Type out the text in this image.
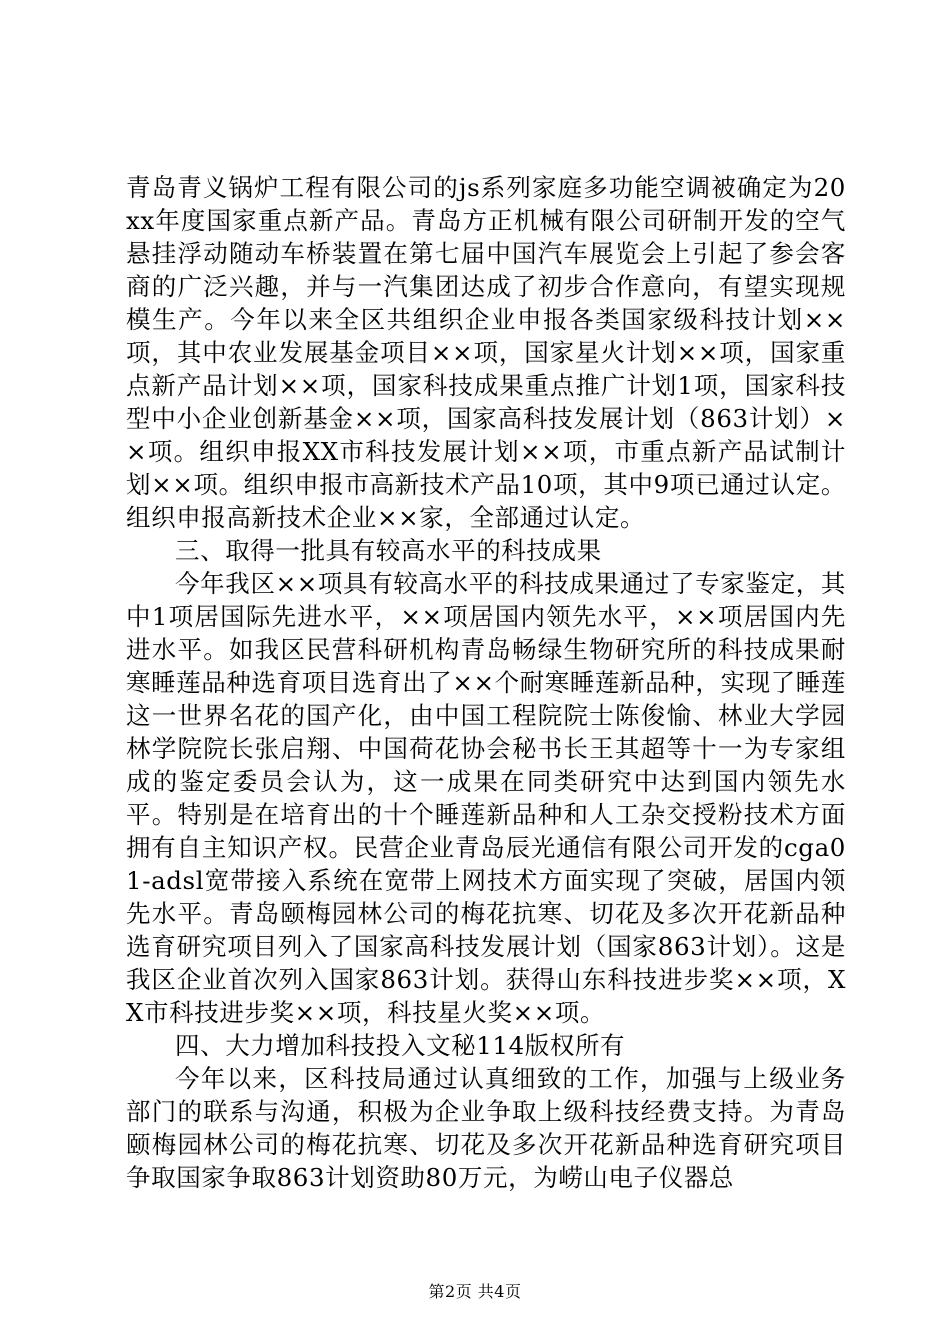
青岛青义锅炉工程有限公司的js系列家庭多功能空调被确定为20xx年度国家重点新产品。青岛方正机械有限公司研制开发的空气悬挂浮动随动车桥装置在第七届中国汽车展览会上引起了参会客商的广泛兴趣，并与一汽集团达成了初步合作意向，有望实现规模生产。今年以来全区共组织企业申报各类国家级科技计划××项，其中农业发展基金项目××项，国家星火计划××项，国家重点新产品计划××项，国家科技成果重点推广计划1项，国家科技型中小企业创新基金××项，国家高科技发展计划（863计划）××项。组织申报XX市科技发展计划××项，市重点新产品试制计划××项。组织申报市高新技术产品10项，其中9项已通过认定。组织申报高新技术企业××家，全部通过认定。

三、取得一批具有较高水平的科技成果

今年我区××项具有较高水平的科技成果通过了专家鉴定，其中1项居国际先进水平，××项居国内领先水平，××项居国内先进水平。如我区民营科研机构青岛畅绿生物研究所的科技成果耐寒睡莲品种选育项目选育出了××个耐寒睡莲新品种，实现了睡莲这一世界名花的国产化，由中国工程院院士陈俊愉、林业大学园林学院院长张启翔、中国荷花协会秘书长王其超等十一为专家组成的鉴定委员会认为，这一成果在同类研究中达到国内领先水平。特别是在培育出的十个睡莲新品种和人工杂交授粉技术方面拥有自主知识产权。民营企业青岛辰光通信有限公司开发的cga01-adsl宽带接入系统在宽带上网技术方面实现了突破，居国内领先水平。青岛颐梅园林公司的梅花抗寒、切花及多次开花新品种选育研究项目列入了国家高科技发展计划（国家863计划）。这是我区企业首次列入国家863计划。获得山东科技进步奖××项，XX市科技进步奖××项，科技星火奖××项。

四、大力增加科技投入文秘114版权所有

今年以来，区科技局通过认真细致的工作，加强与上级业务部门的联系与沟通，积极为企业争取上级科技经费支持。为青岛颐梅园林公司的梅花抗寒、切花及多次开花新品种选育研究项目争取国家争取863计划资助80万元，为崂山电子仪器总

第2页 共4页
